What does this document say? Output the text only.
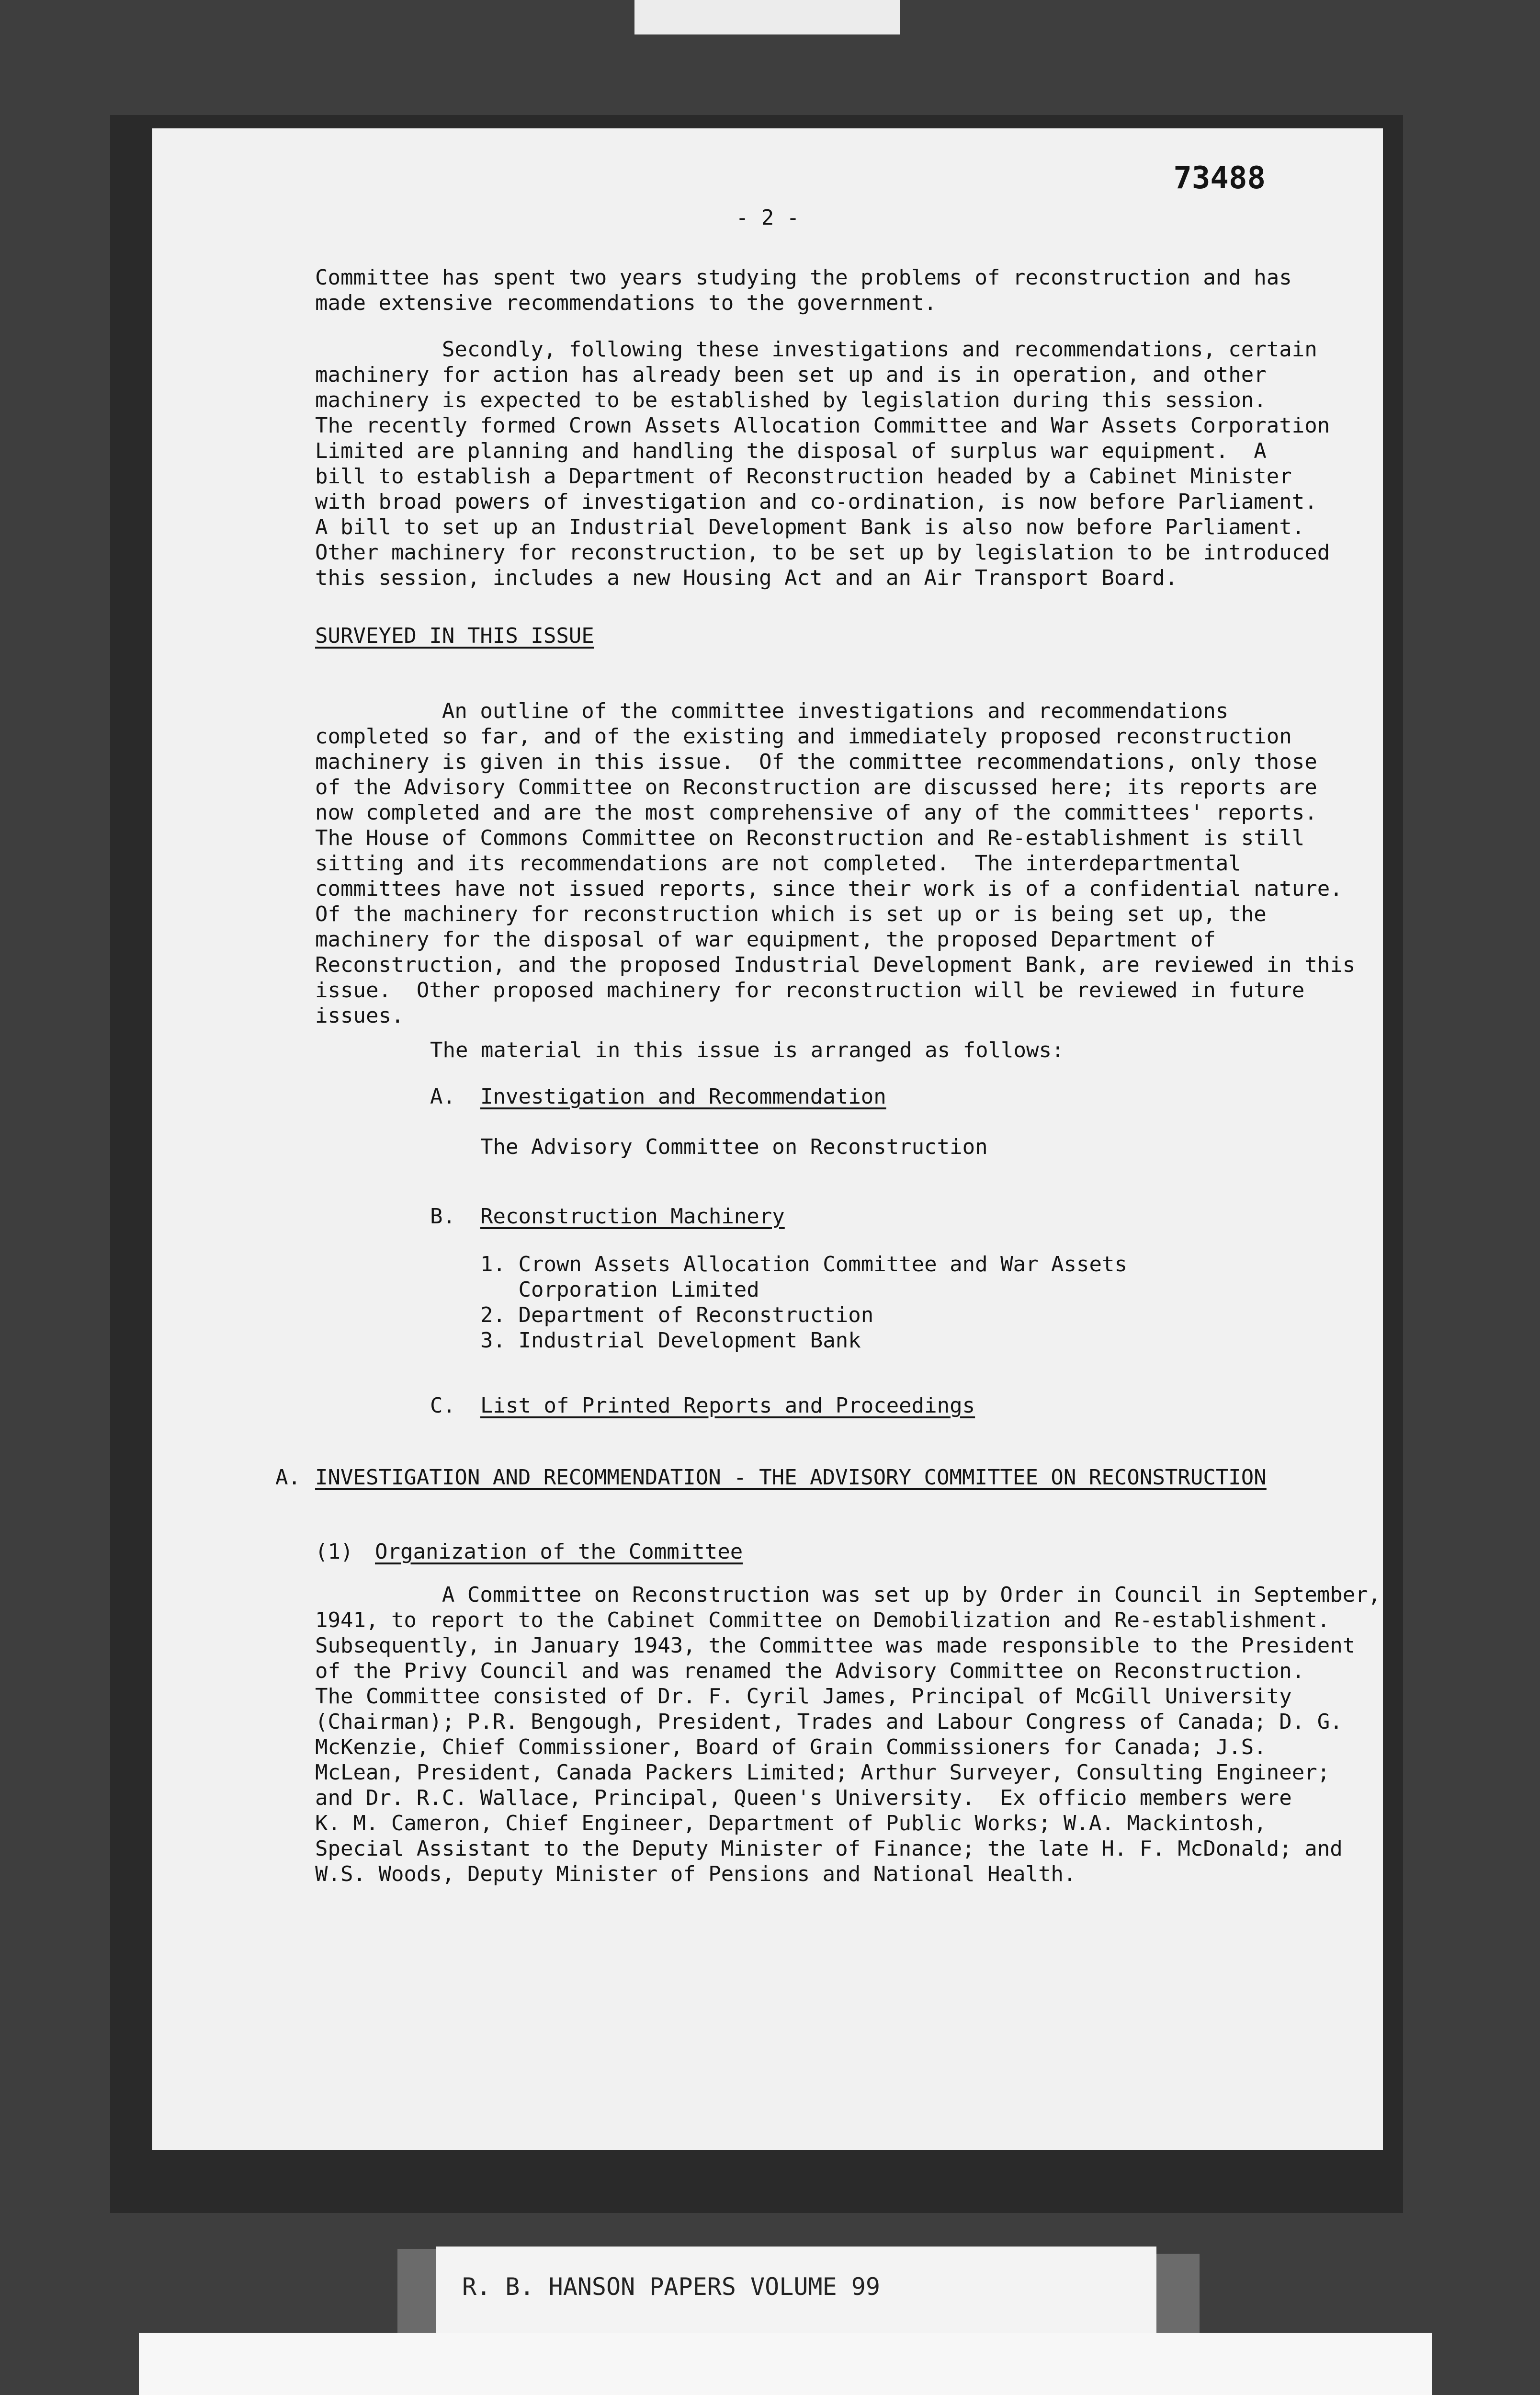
73488
- 2 -
Committee has spent two years studying the problems of reconstruction and has
made extensive recommendations to the government.
Secondly, following these investigations and recommendations, certain
machinery for action has already been set up and is in operation, and other
machinery is expected to be established by legislation during this session.
The recently formed Crown Assets Allocation Committee and War Assets Corporation
Limited are planning and handling the disposal of surplus war equipment.  A
bill to establish a Department of Reconstruction headed by a Cabinet Minister
with broad powers of investigation and co-ordination, is now before Parliament.
A bill to set up an Industrial Development Bank is also now before Parliament.
Other machinery for reconstruction, to be set up by legislation to be introduced
this session, includes a new Housing Act and an Air Transport Board.
SURVEYED IN THIS ISSUE
An outline of the committee investigations and recommendations
completed so far, and of the existing and immediately proposed reconstruction
machinery is given in this issue.  Of the committee recommendations, only those
of the Advisory Committee on Reconstruction are discussed here; its reports are
now completed and are the most comprehensive of any of the committees' reports.
The House of Commons Committee on Reconstruction and Re-establishment is still
sitting and its recommendations are not completed.  The interdepartmental
committees have not issued reports, since their work is of a confidential nature.
Of the machinery for reconstruction which is set up or is being set up, the
machinery for the disposal of war equipment, the proposed Department of
Reconstruction, and the proposed Industrial Development Bank, are reviewed in this
issue.  Other proposed machinery for reconstruction will be reviewed in future
issues.
The material in this issue is arranged as follows:
A. Investigation and Recommendation
The Advisory Committee on Reconstruction
B. Reconstruction Machinery
1. Crown Assets Allocation Committee and War Assets
Corporation Limited
2. Department of Reconstruction
3. Industrial Development Bank
C. List of Printed Reports and Proceedings
A. INVESTIGATION AND RECOMMENDATION - THE ADVISORY COMMITTEE ON RECONSTRUCTION
(1) Organization of the Committee
A Committee on Reconstruction was set up by Order in Council in September,
1941, to report to the Cabinet Committee on Demobilization and Re-establishment.
Subsequently, in January 1943, the Committee was made responsible to the President
of the Privy Council and was renamed the Advisory Committee on Reconstruction.
The Committee consisted of Dr. F. Cyril James, Principal of McGill University
(Chairman); P.R. Bengough, President, Trades and Labour Congress of Canada; D. G.
McKenzie, Chief Commissioner, Board of Grain Commissioners for Canada; J.S.
McLean, President, Canada Packers Limited; Arthur Surveyer, Consulting Engineer;
and Dr. R.C. Wallace, Principal, Queen's University.  Ex officio members were
K. M. Cameron, Chief Engineer, Department of Public Works; W.A. Mackintosh,
Special Assistant to the Deputy Minister of Finance; the late H. F. McDonald; and
W.S. Woods, Deputy Minister of Pensions and National Health.
R. B. HANSON PAPERS VOLUME 99
